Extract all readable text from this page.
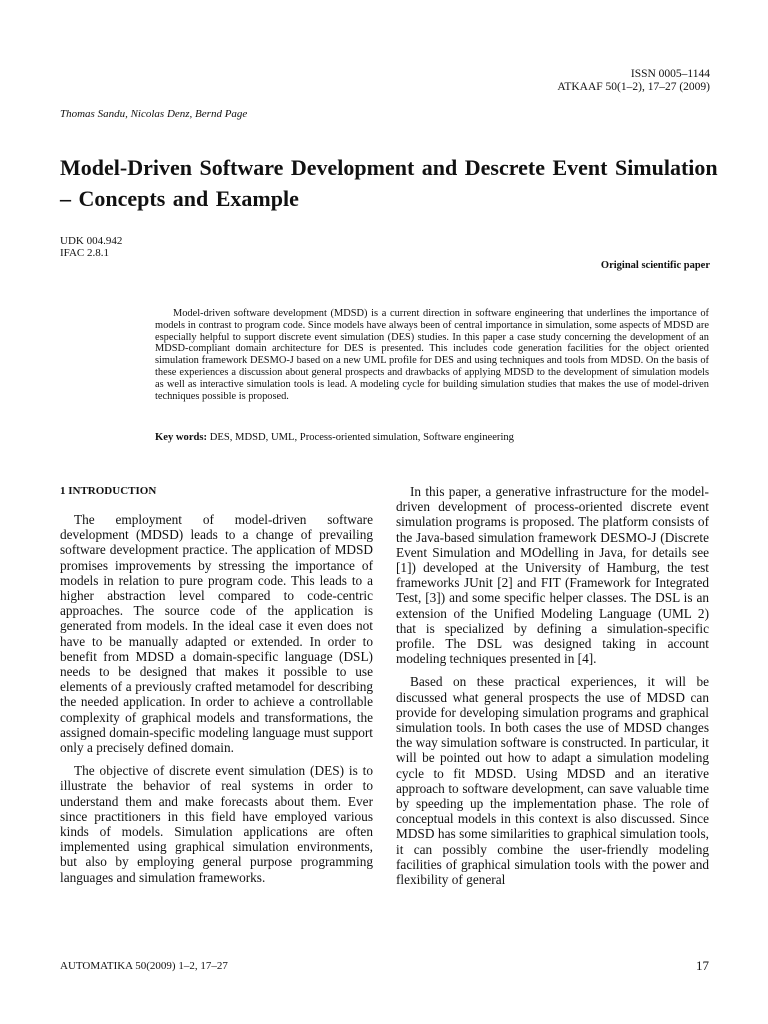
ISSN 0005–1144
ATKAAF 50(1–2), 17–27 (2009)
Thomas Sandu, Nicolas Denz, Bernd Page
Model-Driven Software Development and Descrete Event Simulation – Concepts and Example
UDK 004.942
IFAC 2.8.1
Original scientific paper

Model-driven software development (MDSD) is a current direction in software engineering that underlines the importance of models in contrast to program code. Since models have always been of central importance in simulation, some aspects of MDSD are especially helpful to support discrete event simulation (DES) studies. In this paper a case study concerning the development of an MDSD-compliant domain architecture for DES is presented. This includes code generation facilities for the object oriented simulation framework DESMO-J based on a new UML profile for DES and using techniques and tools from MDSD. On the basis of these experiences a discussion about general prospects and drawbacks of applying MDSD to the development of simulation models as well as interactive simulation tools is lead. A modeling cycle for building simulation studies that makes the use of model-driven techniques possible is proposed.

Key words: DES, MDSD, UML, Process-oriented simulation, Software engineering
1 INTRODUCTION

The employment of model-driven software development (MDSD) leads to a change of prevailing software development practice. The application of MDSD promises improvements by stressing the importance of models in relation to pure program code. This leads to a higher abstraction level compared to code-centric approaches. The source code of the application is generated from models. In the ideal case it even does not have to be manually adapted or extended. In order to benefit from MDSD a domain-specific language (DSL) needs to be designed that makes it possible to use elements of a previously crafted metamodel for describing the needed application. In order to achieve a controllable complexity of graphical models and transformations, the assigned domain-specific modeling language must support only a precisely defined domain.

The objective of discrete event simulation (DES) is to illustrate the behavior of real systems in order to understand them and make forecasts about them. Ever since practitioners in this field have employed various kinds of models. Simulation applications are often implemented using graphical simulation environments, but also by employing general purpose programming languages and simulation frameworks.

In this paper, a generative infrastructure for the model-driven development of process-oriented discrete event simulation programs is proposed. The platform consists of the Java-based simulation framework DESMO-J (Discrete Event Simulation and MOdelling in Java, for details see [1]) developed at the University of Hamburg, the test frameworks JUnit [2] and FIT (Framework for Integrated Test, [3]) and some specific helper classes. The DSL is an extension of the Unified Modeling Language (UML 2) that is specialized by defining a simulation-specific profile. The DSL was designed taking in account modeling techniques presented in [4].

Based on these practical experiences, it will be discussed what general prospects the use of MDSD can provide for developing simulation programs and graphical simulation tools. In both cases the use of MDSD changes the way simulation software is constructed. In particular, it will be pointed out how to adapt a simulation modeling cycle to fit MDSD. Using MDSD and an iterative approach to software development, can save valuable time by speeding up the implementation phase. The role of conceptual models in this context is also discussed. Since MDSD has some similarities to graphical simulation tools, it can possibly combine the user-friendly modeling facilities of graphical simulation tools with the power and flexibility of general

AUTOMATIKA 50(2009) 1–2, 17–27	17
